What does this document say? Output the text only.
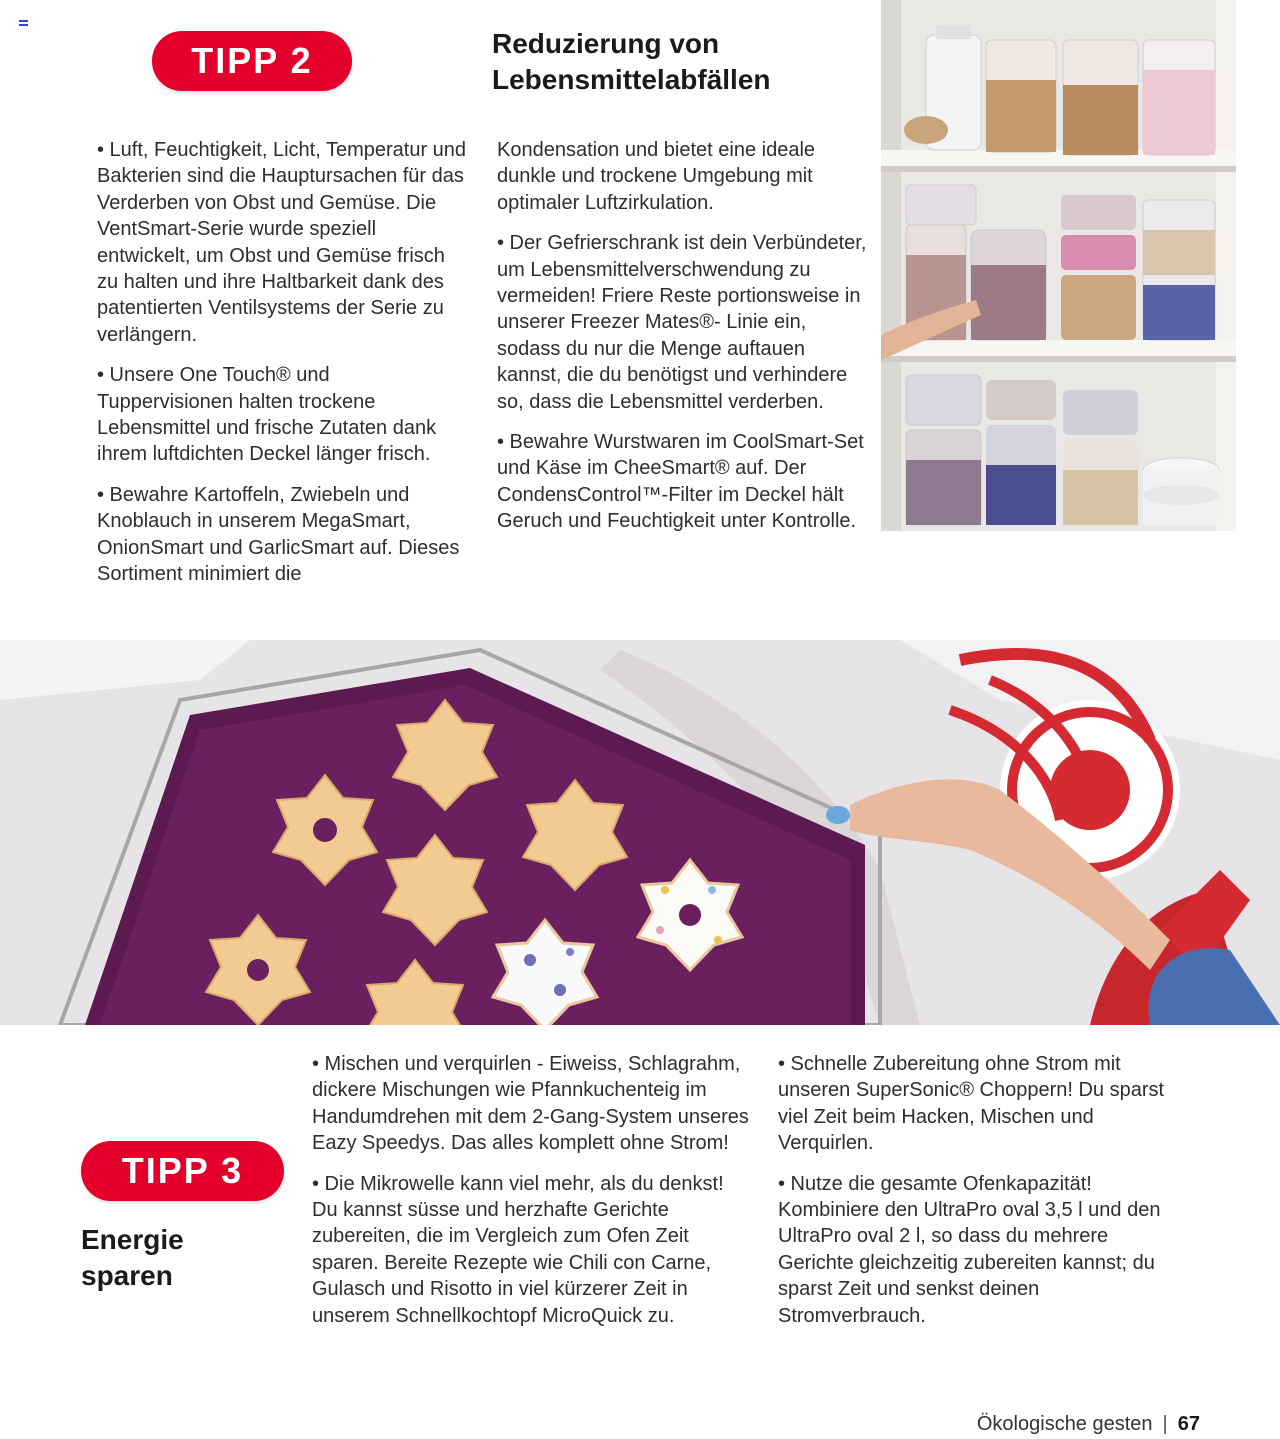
TIPP 2	Reduzierung von Lebensmittelabfällen

• Luft, Feuchtigkeit, Licht, Temperatur und Bakterien sind die Hauptursachen für das Verderben von Obst und Gemüse. Die VentSmart-Serie wurde speziell entwickelt, um Obst und Gemüse frisch zu halten und ihre Haltbarkeit dank des patentierten Ventilsystems der Serie zu verlängern.

• Unsere One Touch® und Tuppervisionen halten trockene Lebensmittel und frische Zutaten dank ihrem luftdichten Deckel länger frisch.

• Bewahre Kartoffeln, Zwiebeln und Knoblauch in unserem MegaSmart, OnionSmart und GarlicSmart auf. Dieses Sortiment minimiert die

Kondensation und bietet eine ideale dunkle und trockene Umgebung mit optimaler Luftzirkulation.

• Der Gefrierschrank ist dein Verbündeter, um Lebensmittelverschwendung zu vermeiden! Friere Reste portionsweise in unserer Freezer Mates®- Linie ein, sodass du nur die Menge auftauen kannst, die du benötigst und verhindere so, dass die Lebensmittel verderben.

• Bewahre Wurstwaren im CoolSmart-Set und Käse im CheeSmart® auf. Der CondensControl™-Filter im Deckel hält Geruch und Feuchtigkeit unter Kontrolle.

TIPP 3
Energie sparen

• Mischen und verquirlen - Eiweiss, Schlagrahm, dickere Mischungen wie Pfannkuchenteig im Handumdrehen mit dem 2-Gang-System unseres Eazy Speedys. Das alles komplett ohne Strom!

• Die Mikrowelle kann viel mehr, als du denkst! Du kannst süsse und herzhafte Gerichte zubereiten, die im Vergleich zum Ofen Zeit sparen. Bereite Rezepte wie Chili con Carne, Gulasch und Risotto in viel kürzerer Zeit in unserem Schnellkochtopf MicroQuick zu.

• Schnelle Zubereitung ohne Strom mit unseren SuperSonic® Choppern! Du sparst viel Zeit beim Hacken, Mischen und Verquirlen.

• Nutze die gesamte Ofenkapazität! Kombiniere den UltraPro oval 3,5 l und den UltraPro oval 2 l, so dass du mehrere Gerichte gleichzeitig zubereiten kannst; du sparst Zeit und senkst deinen Stromverbrauch.

Ökologische gesten | 67
